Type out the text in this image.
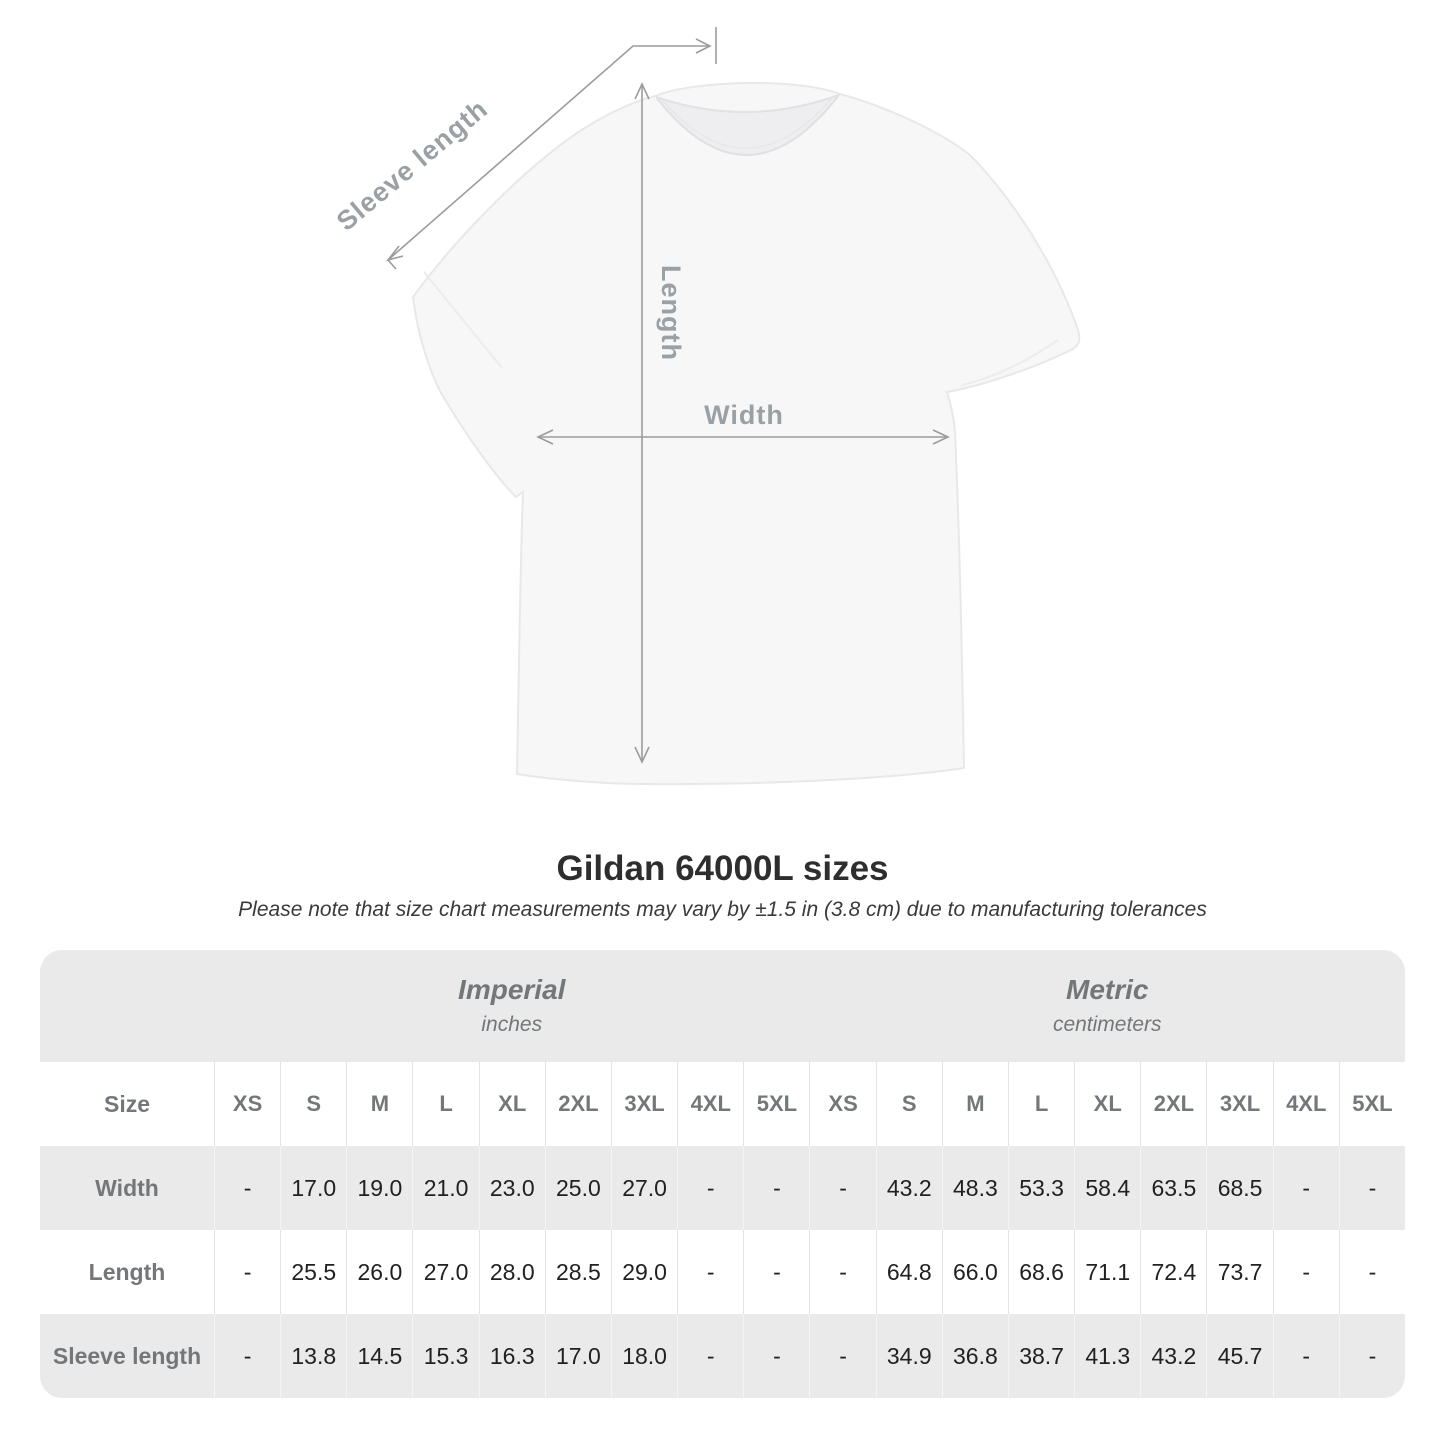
Sleeve length
Length
Width
Gildan 64000L sizes

Please note that size chart measurements may vary by ±1.5 in (3.8 cm) due to manufacturing tolerances

Imperial
inches
Metric
centimeters
Size	XS S M L XL 2XL 3XL 4XL 5XL XS S M L XL 2XL 3XL 4XL 5XL
Width	- 17.0 19.0 21.0 23.0 25.0 27.0 -	-	- 43.2 48.3 53.3 58.4 63.5 68.5 -	-
Length	- 25.5 26.0 27.0 28.0 28.5 29.0 -	-	- 64.8 66.0 68.6 71.1 72.4 73.7 -	-
Sleeve length - 13.8 14.5 15.3 16.3 17.0 18.0 -	-	- 34.9 36.8 38.7 41.3 43.2 45.7 -	-
